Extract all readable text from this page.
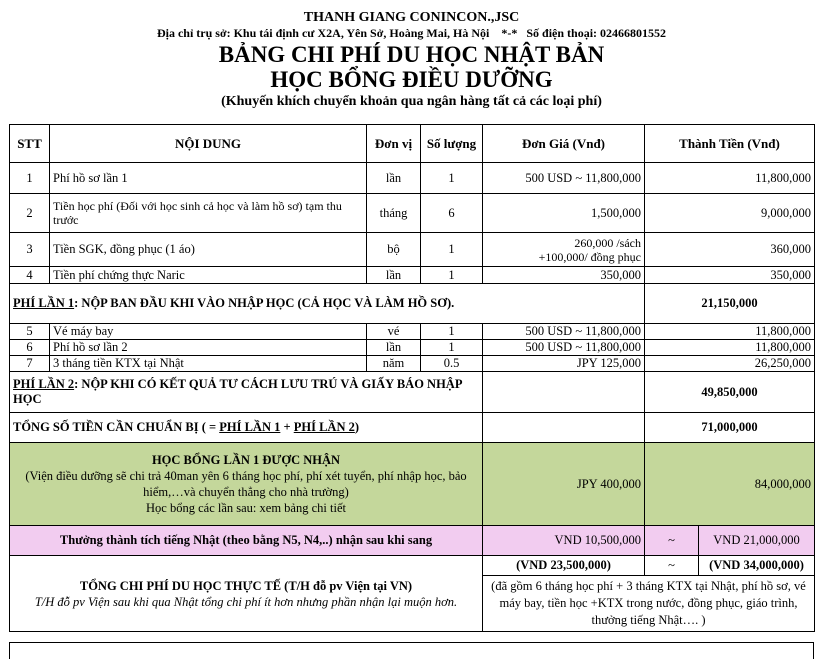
THANH GIANG CONINCON.,JSC
Địa chỉ trụ sở: Khu tái định cư X2A, Yên Sở, Hoàng Mai, Hà Nội    *-*   Số điện thoại: 02466801552
BẢNG CHI PHÍ DU HỌC NHẬT BẢN
HỌC BỔNG ĐIỀU DƯỠNG
(Khuyến khích chuyển khoản qua ngân hàng tất cả các loại phí)
STT	NỘI DUNG	Đơn vị	Số lượng	Đơn Giá (Vnđ)	Thành Tiền (Vnđ)	
1	Phí hồ sơ lần 1	lần	1	500 USD ~ 11,800,000	11,800,000	
2	Tiền học phí (Đối với học sinh cả học và làm hồ sơ) tạm thu trước	tháng	6	1,500,000	9,000,000	
3	Tiền SGK, đồng phục (1 áo)	bộ	1	260,000 /sách
+100,000/ đồng phục	360,000	
4	Tiền phí chứng thực Naric	lần	1	350,000	350,000	
PHÍ LẦN 1: NỘP BAN ĐẦU KHI VÀO NHẬP HỌC (CẢ HỌC VÀ LÀM HỒ SƠ).					21,150,000	
5	Vé máy bay	vé	1	500 USD ~ 11,800,000	11,800,000	
6	Phí hồ sơ lần 2	lần	1	500 USD ~ 11,800,000	11,800,000	
7	3 tháng tiền KTX tại Nhật	năm	0.5	JPY 125,000	26,250,000	
PHÍ LẦN 2: NỘP KHI CÓ KẾT QUẢ TƯ CÁCH LƯU TRÚ VÀ GIẤY BÁO NHẬP HỌC					49,850,000	
TỔNG SỐ TIỀN CẦN CHUẨN BỊ ( = PHÍ LẦN 1 + PHÍ LẦN 2)					71,000,000	

HỌC BỔNG LẦN 1 ĐƯỢC NHẬN
(Viện điều dưỡng sẽ chi trả 40man yên 6 tháng học phí, phí xét tuyển, phí nhập học, bảo hiểm,…và chuyển thẳng cho nhà trường)
Học bổng các lần sau: xem bảng chi tiết				JPY 400,000	84,000,000	
Thưởng thành tích tiếng Nhật (theo bằng N5, N4,..) nhận sau khi sang				VND 10,500,000	~	VND 21,000,000

TỔNG CHI PHÍ DU HỌC THỰC TẾ (T/H đỗ pv Viện tại VN)
T/H đỗ pv Viện sau khi qua Nhật tổng chi phí ít hơn nhưng phần nhận lại muộn hơn.				(VND 23,500,000)	~	(VND 34,000,000)
				(đã gồm 6 tháng học phí + 3 tháng KTX tại Nhật, phí hồ sơ, vé máy bay, tiền học +KTX trong nước, đồng phục, giáo trình, thưởng tiếng Nhật…. )		
